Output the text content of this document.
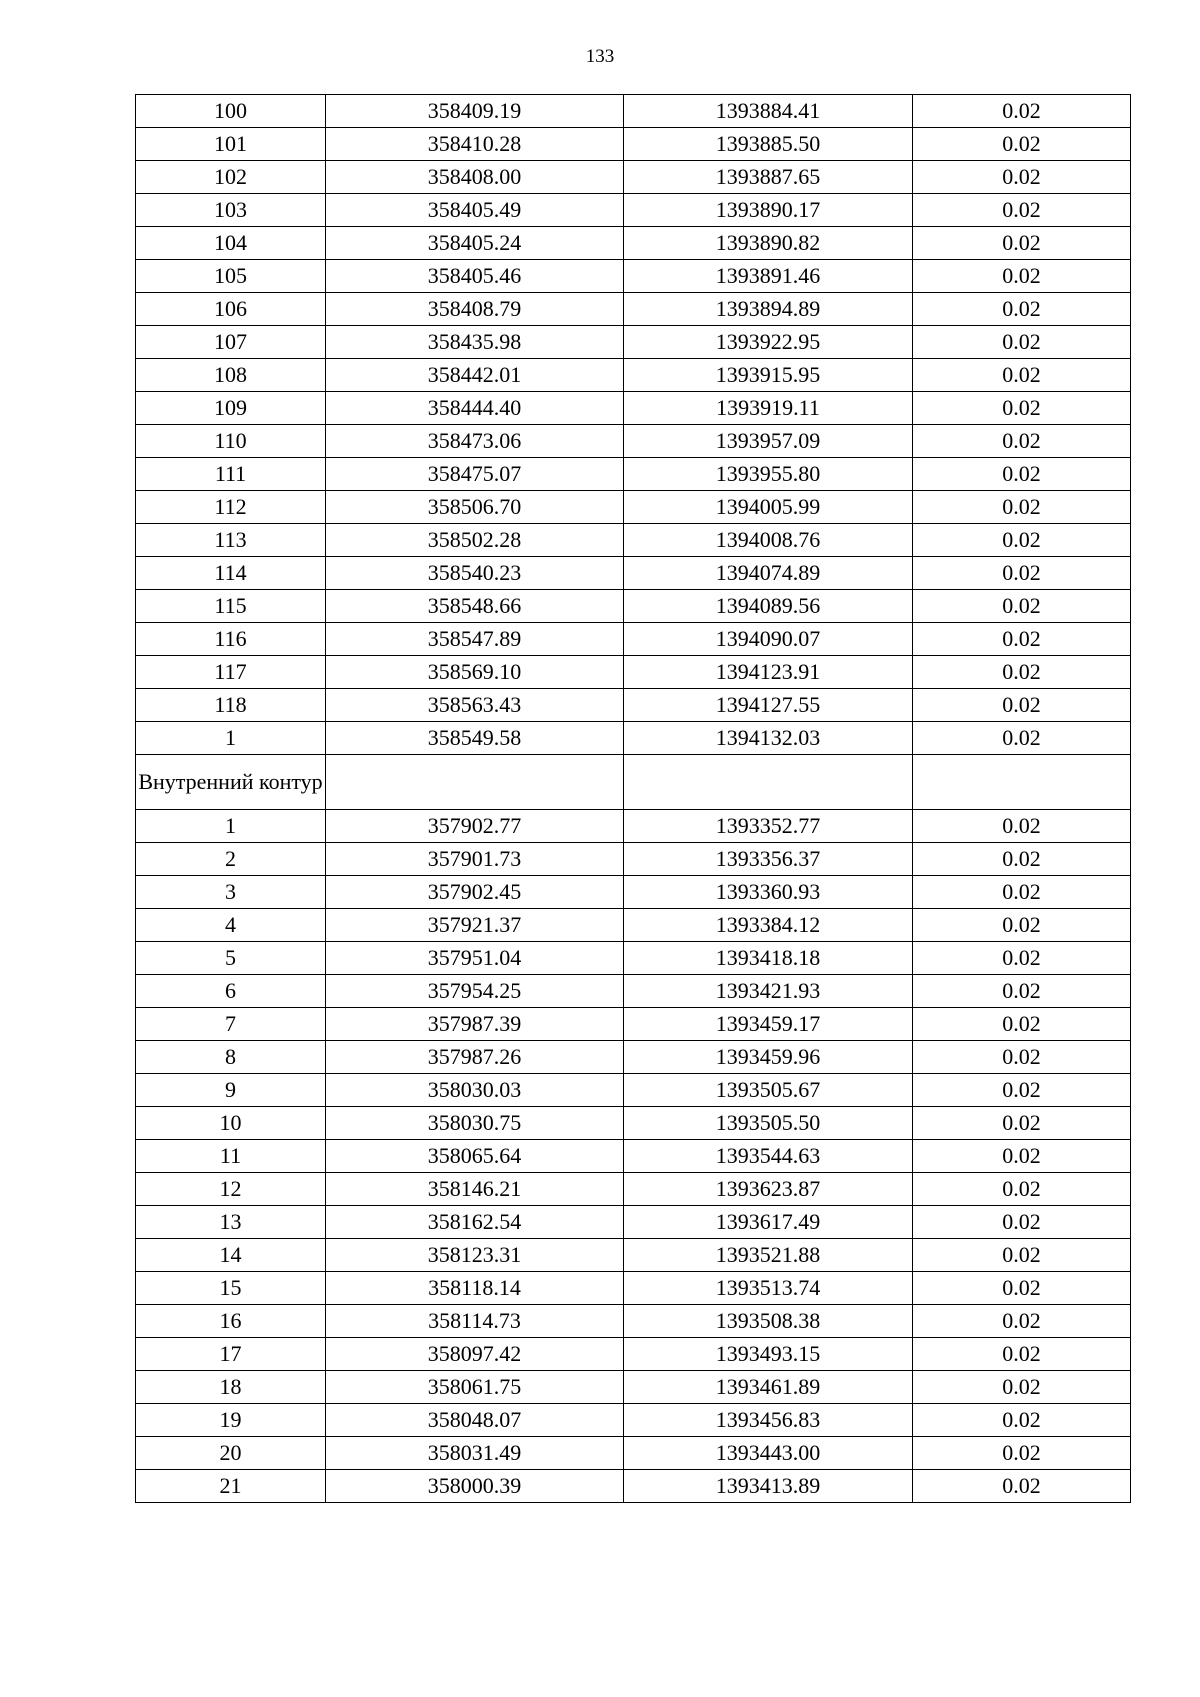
133
100	358409.19	1393884.41	0.02
101	358410.28	1393885.50	0.02
102	358408.00	1393887.65	0.02
103	358405.49	1393890.17	0.02
104	358405.24	1393890.82	0.02
105	358405.46	1393891.46	0.02
106	358408.79	1393894.89	0.02
107	358435.98	1393922.95	0.02
108	358442.01	1393915.95	0.02
109	358444.40	1393919.11	0.02
110	358473.06	1393957.09	0.02
111	358475.07	1393955.80	0.02
112	358506.70	1394005.99	0.02
113	358502.28	1394008.76	0.02
114	358540.23	1394074.89	0.02
115	358548.66	1394089.56	0.02
116	358547.89	1394090.07	0.02
117	358569.10	1394123.91	0.02
118	358563.43	1394127.55	0.02
1	358549.58	1394132.03	0.02

Внутренний контур			

1	357902.77	1393352.77	0.02
2	357901.73	1393356.37	0.02
3	357902.45	1393360.93	0.02
4	357921.37	1393384.12	0.02
5	357951.04	1393418.18	0.02
6	357954.25	1393421.93	0.02
7	357987.39	1393459.17	0.02
8	357987.26	1393459.96	0.02
9	358030.03	1393505.67	0.02
10	358030.75	1393505.50	0.02
11	358065.64	1393544.63	0.02
12	358146.21	1393623.87	0.02
13	358162.54	1393617.49	0.02
14	358123.31	1393521.88	0.02
15	358118.14	1393513.74	0.02
16	358114.73	1393508.38	0.02
17	358097.42	1393493.15	0.02
18	358061.75	1393461.89	0.02
19	358048.07	1393456.83	0.02
20	358031.49	1393443.00	0.02
21	358000.39	1393413.89	0.02
